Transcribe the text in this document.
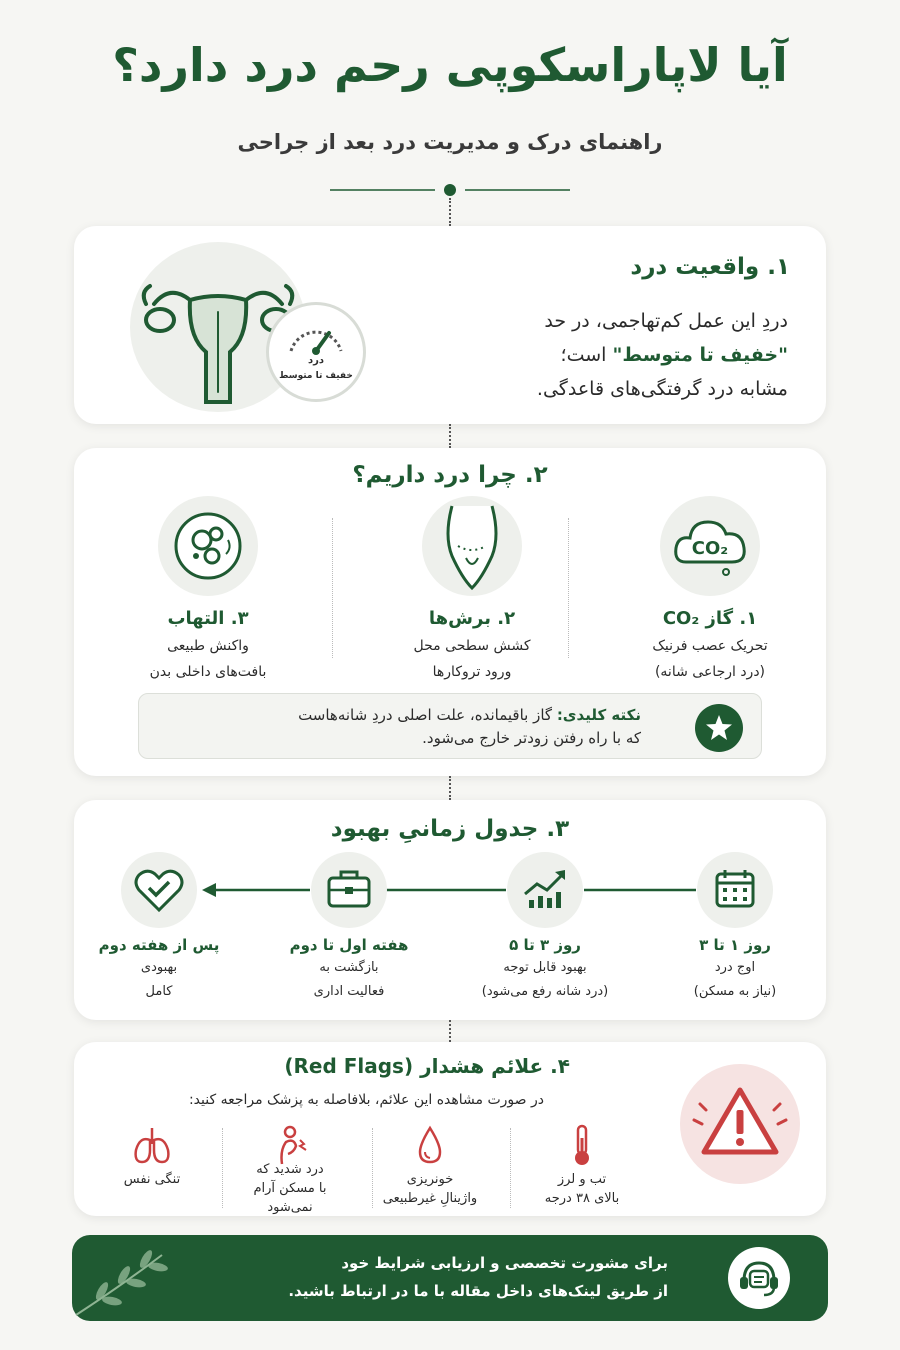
آیا لاپاراسکوپی رحم درد دارد؟
راهنمای درک و مدیریت درد بعد از جراحی
۱. واقعیت درد
دردِ این عمل کم‌تهاجمی، در حد
"خفیف تا متوسط" است؛
مشابه درد گرفتگی‌های قاعدگی.
درد
خفیف تا متوسط
۲. چرا درد داریم؟
CO₂
۱. گاز CO₂
تحریک عصب فرنیک
(درد ارجاعی شانه)
۲. برش‌ها
کشش سطحی محل
ورود تروکارها
۳. التهاب
واکنش طبیعی
بافت‌های داخلی بدن
نکته کلیدی: گاز باقیمانده، علت اصلی دردِ شانه‌هاست
که با راه رفتن زودتر خارج می‌شود.
۳. جدول زمانیِ بهبود
روز ۱ تا ۳
اوج درد
(نیاز به مسکن)
روز ۳ تا ۵
بهبود قابل توجه
(درد شانه رفع می‌شود)
هفته اول تا دوم
بازگشت به
فعالیت اداری
پس از هفته دوم
بهبودی
کامل
۴. علائم هشدار (Red Flags)
در صورت مشاهده این علائم، بلافاصله به پزشک مراجعه کنید:
تب و لرز
بالای ۳۸ درجه
خونریزی
واژینالِ غیرطبیعی
درد شدید که
با مسکن آرام
نمی‌شود
تنگی نفس
برای مشورت تخصصی و ارزیابی شرایط خود
از طریق لینک‌های داخل مقاله با ما در ارتباط باشید.
